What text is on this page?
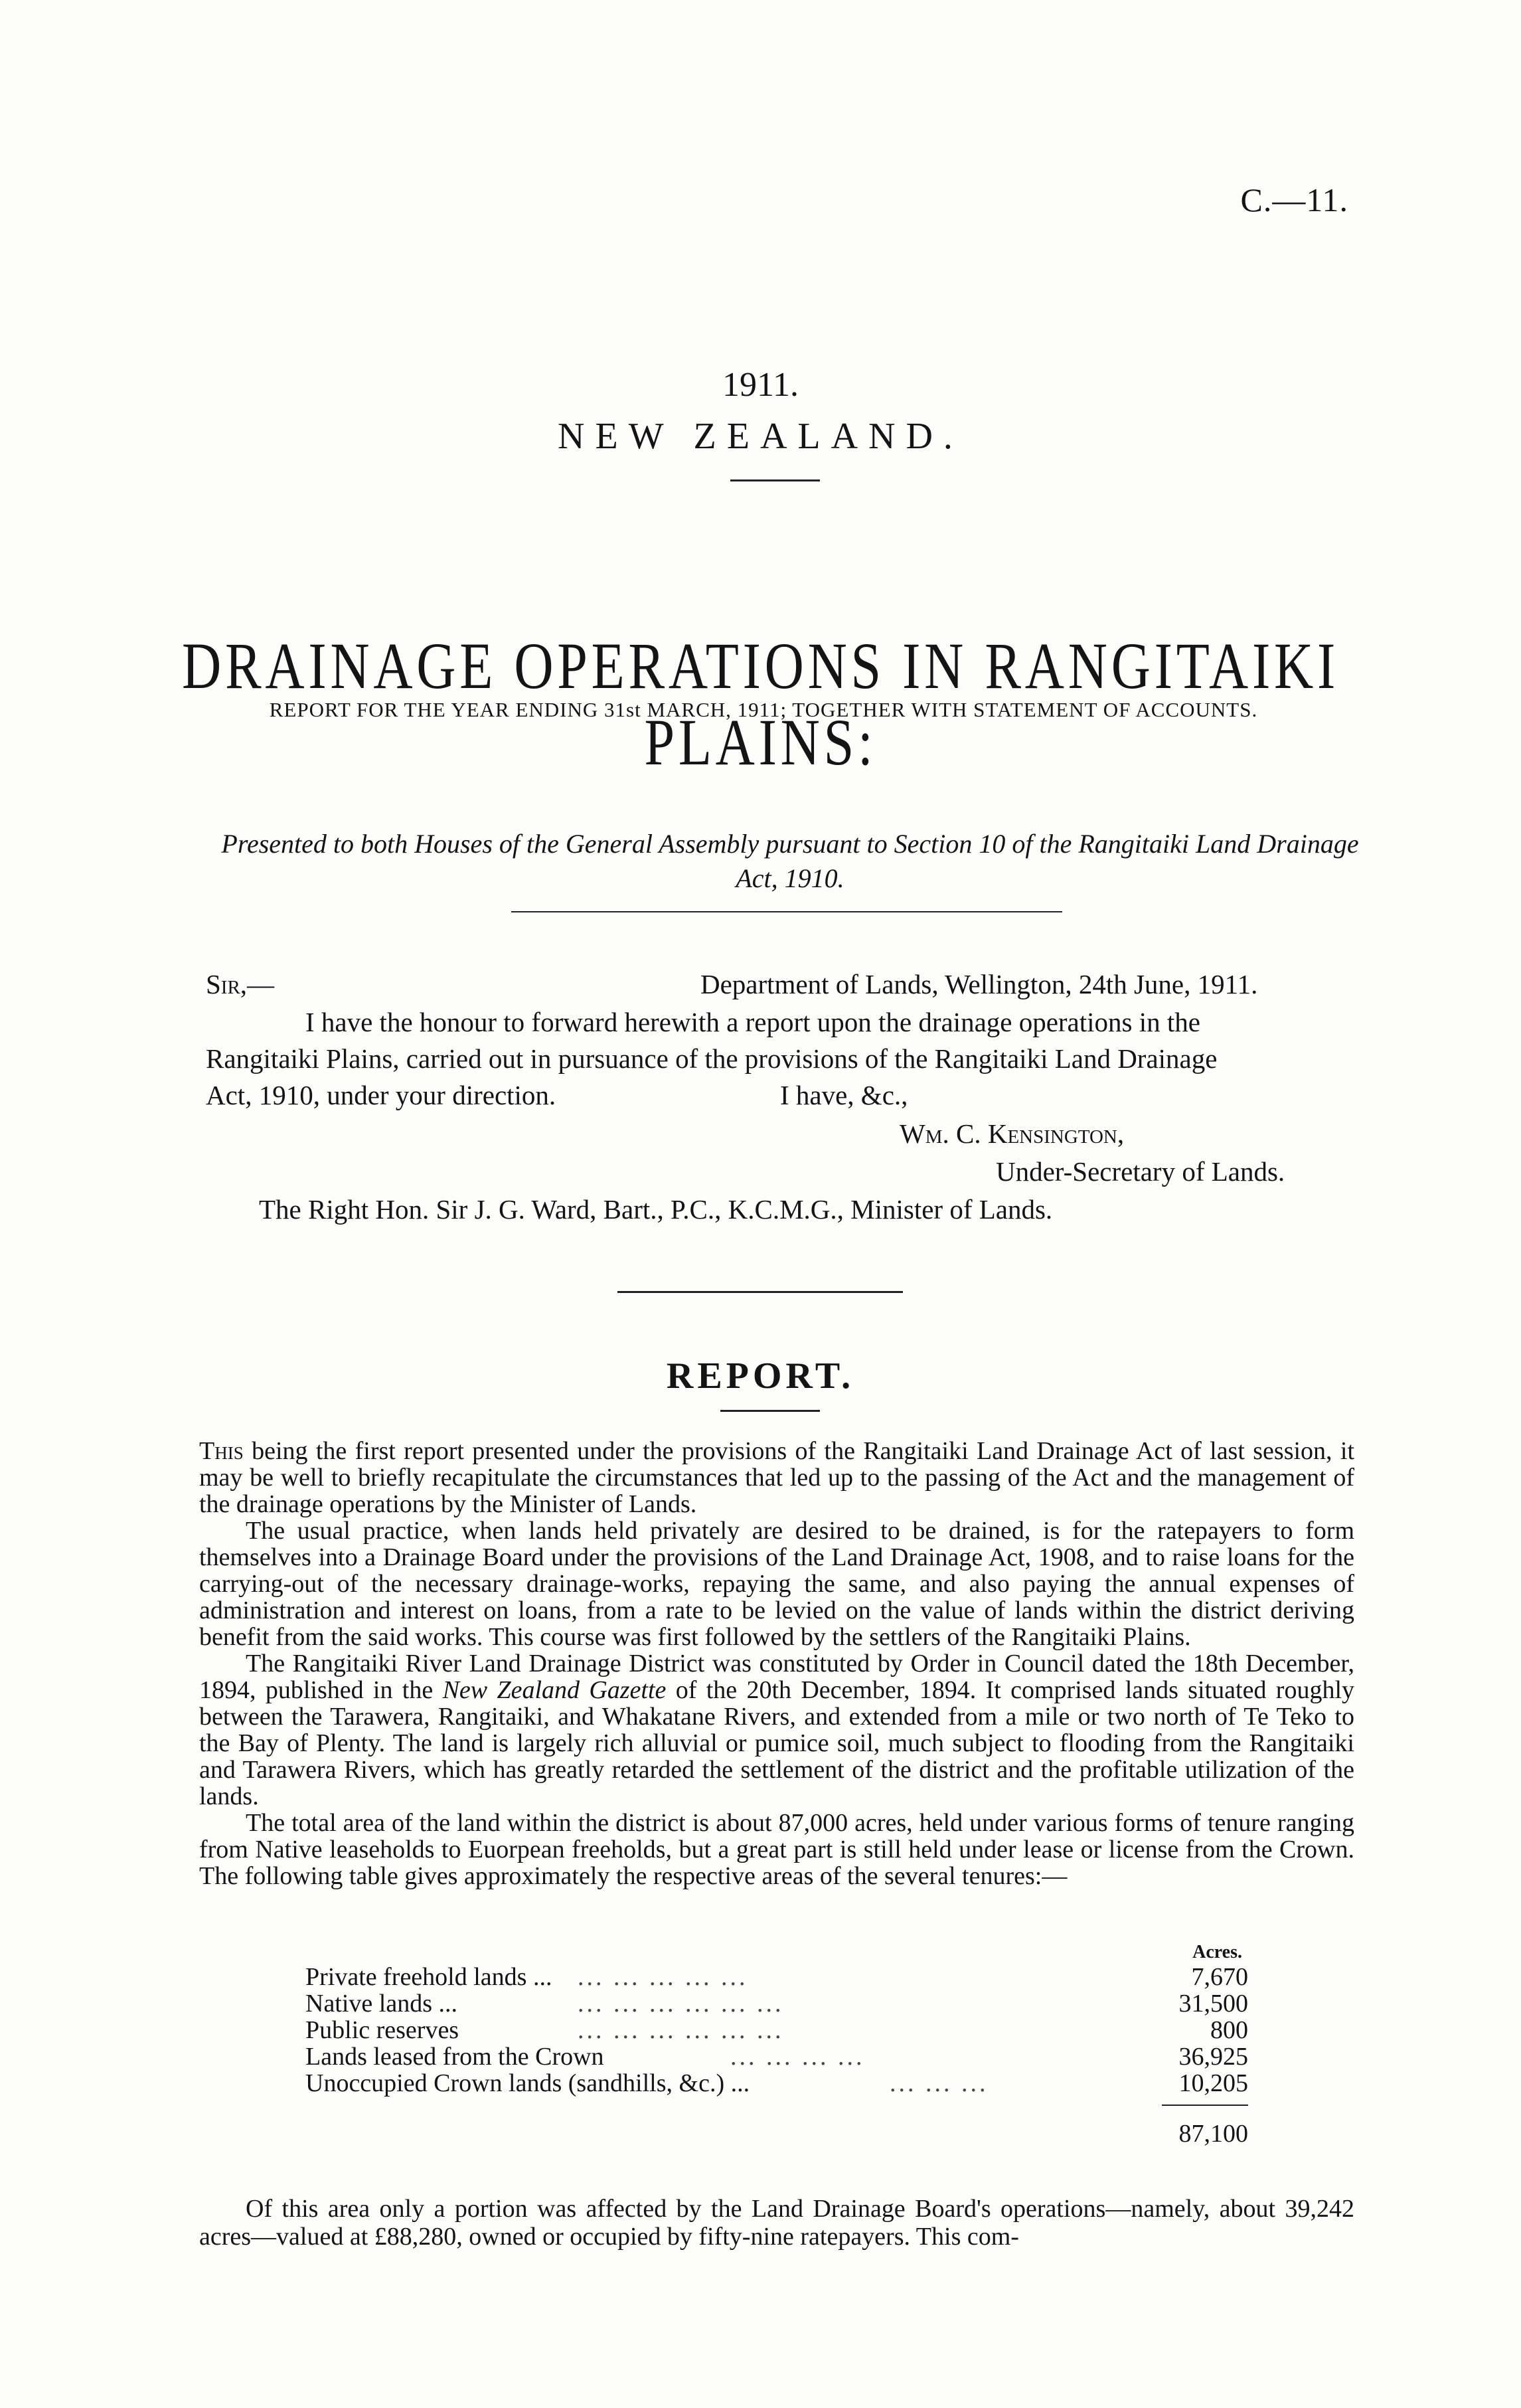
C.—11.
1911.
NEW ZEALAND.
DRAINAGE OPERATIONS IN RANGITAIKI PLAINS:
REPORT FOR THE YEAR ENDING 31st MARCH, 1911; TOGETHER WITH STATEMENT OF ACCOUNTS.
Presented to both Houses of the General Assembly pursuant to Section 10 of the Rangitaiki Land Drainage Act, 1910.
Sir,—	Department of Lands, Wellington, 24th June, 1911.
I have the honour to forward herewith a report upon the drainage operations in the
Rangitaiki Plains, carried out in pursuance of the provisions of the Rangitaiki Land Drainage
Act, 1910, under your direction.	I have, &c.,
Wm. C. Kensington,
Under-Secretary of Lands.
The Right Hon. Sir J. G. Ward, Bart., P.C., K.C.M.G., Minister of Lands.
REPORT.

This being the first report presented under the provisions of the Rangitaiki Land Drainage Act of last session, it may be well to briefly recapitulate the circumstances that led up to the passing of the Act and the management of the drainage operations by the Minister of Lands.

The usual practice, when lands held privately are desired to be drained, is for the ratepayers to form themselves into a Drainage Board under the provisions of the Land Drainage Act, 1908, and to raise loans for the carrying-out of the necessary drainage-works, repaying the same, and also paying the annual expenses of administration and interest on loans, from a rate to be levied on the value of lands within the district deriving benefit from the said works. This course was first followed by the settlers of the Rangitaiki Plains.

The Rangitaiki River Land Drainage District was constituted by Order in Council dated the 18th December, 1894, published in the New Zealand Gazette of the 20th December, 1894. It comprised lands situated roughly between the Tarawera, Rangitaiki, and Whakatane Rivers, and extended from a mile or two north of Te Teko to the Bay of Plenty. The land is largely rich alluvial or pumice soil, much subject to flooding from the Rangitaiki and Tarawera Rivers, which has greatly retarded the settlement of the district and the profitable utilization of the lands.

The total area of the land within the district is about 87,000 acres, held under various forms of tenure ranging from Native leaseholds to Euorpean freeholds, but a great part is still held under lease or license from the Crown. The following table gives approximately the respective areas of the several tenures:—

Acres.
Private freehold lands ... ... ... ... ... ...	7,670
Native lands ...	... ... ... ... ... ...	31,500
Public reserves	... ... ... ... ... ...	800
Lands leased from the Crown	... ... ... ...	36,925
Unoccupied Crown lands (sandhills, &c.) ...	... ... ...	10,205
87,100

Of this area only a portion was affected by the Land Drainage Board's operations—namely, about 39,242 acres—valued at £88,280, owned or occupied by fifty-nine ratepayers. This com-
